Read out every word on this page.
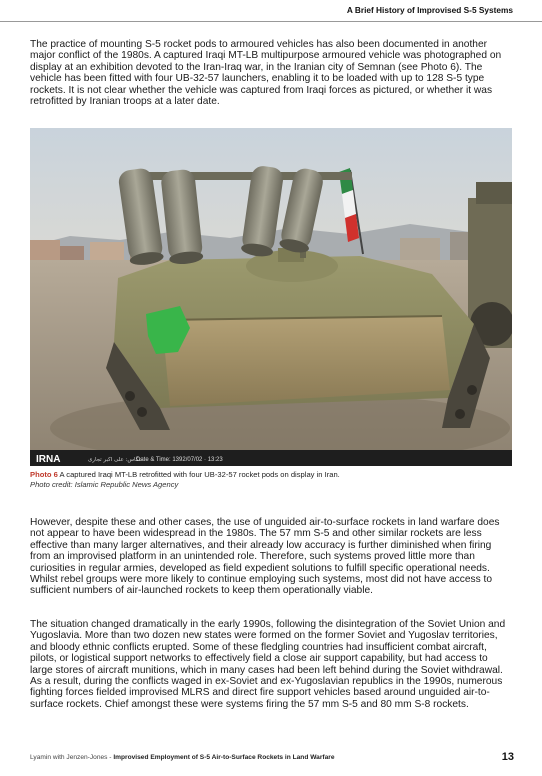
A Brief History of Improvised S-5 Systems

The practice of mounting S-5 rocket pods to armoured vehicles has also been documented in another major conflict of the 1980s. A captured Iraqi MT-LB multipurpose armoured vehicle was photographed on display at an exhibition devoted to the Iran-Iraq war, in the Iranian city of Semnan (see Photo 6). The vehicle has been fitted with four UB-32-57 launchers, enabling it to be loaded with up to 128 S-5 type rockets. It is not clear whether the vehicle was captured from Iraqi forces as pictured, or whether it was retrofitted by Iranian troops at a later date.

IRNA	عکاس: علی اکبر تجاری
Date & Time: 1392/07/02 · 13:23
Photo 6 A captured Iraqi MT-LB retrofitted with four UB-32-57 rocket pods on display in Iran.
Photo credit: Islamic Republic News Agency

However, despite these and other cases, the use of unguided air-to-surface rockets in land warfare does not appear to have been widespread in the 1980s. The 57 mm S-5 and other similar rockets are less effective than many larger alternatives, and their already low accuracy is further diminished when firing from an improvised platform in an unintended role. Therefore, such systems proved little more than curiosities in regular armies, developed as field expedient solutions to fulfill specific operational needs. Whilst rebel groups were more likely to continue employing such systems, most did not have access to sufficient numbers of air-launched rockets to keep them operationally viable.

The situation changed dramatically in the early 1990s, following the disintegration of the Soviet Union and Yugoslavia. More than two dozen new states were formed on the former Soviet and Yugoslav territories, and bloody ethnic conflicts erupted. Some of these fledgling countries had insufficient combat aircraft, pilots, or logistical support networks to effectively field a close air support capability, but had access to large stores of aircraft munitions, which in many cases had been left behind during the Soviet withdrawal. As a result, during the conflicts waged in ex-Soviet and ex-Yugoslavian republics in the 1990s, numerous fighting forces fielded improvised MLRS and direct fire support vehicles based around unguided air-to-surface rockets. Chief amongst these were systems firing the 57 mm S-5 and 80 mm S-8 rockets.

Lyamin with Jenzen-Jones - Improvised Employment of S-5 Air-to-Surface Rockets in Land Warfare	13
